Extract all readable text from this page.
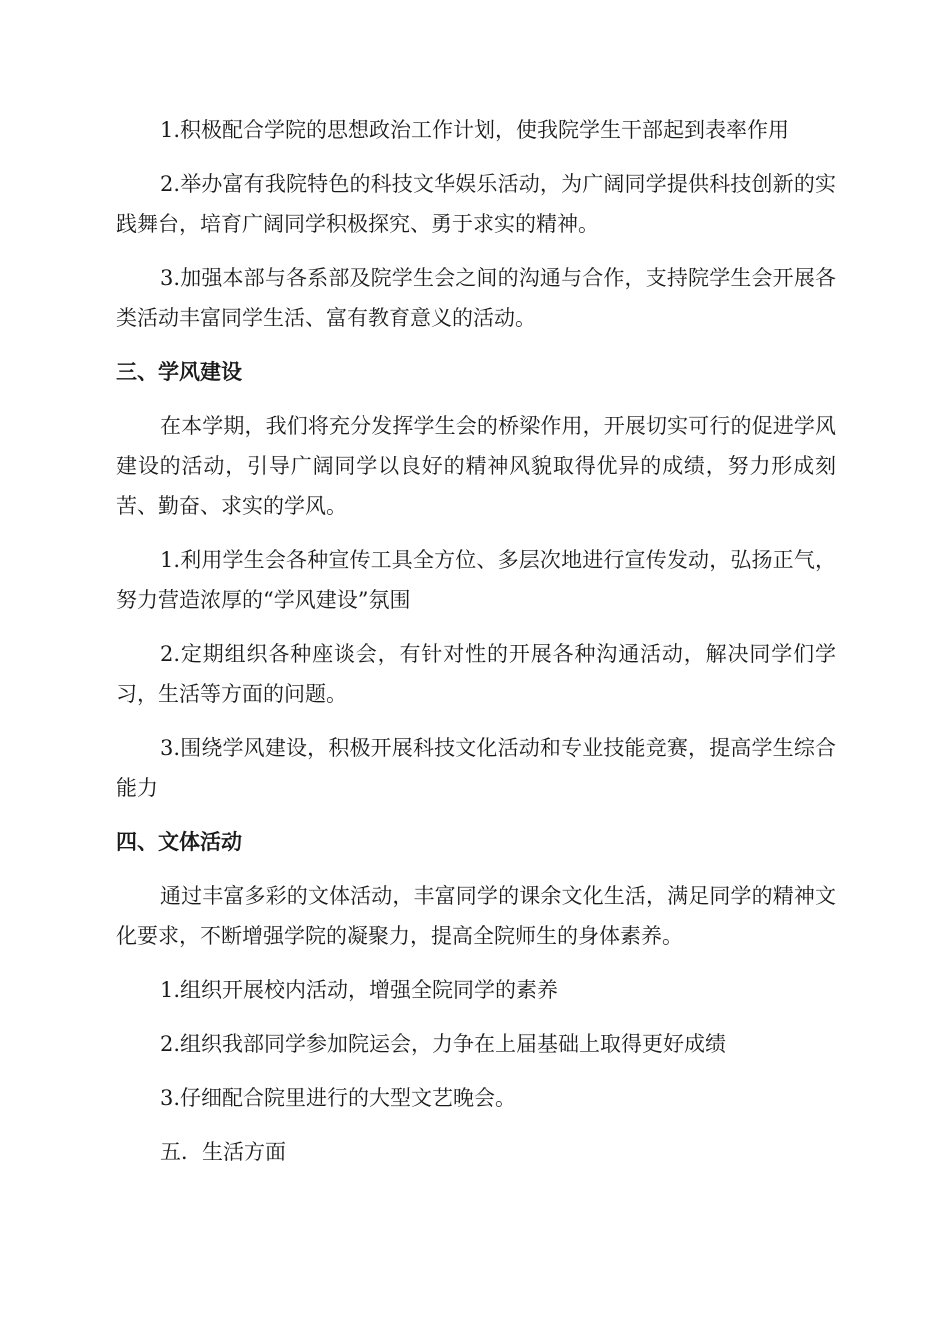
1.积极配合学院的思想政治工作计划，使我院学生干部起到表率作用

2.举办富有我院特色的科技文华娱乐活动，为广阔同学提供科技创新的实践舞台，培育广阔同学积极探究、勇于求实的精神。

3.加强本部与各系部及院学生会之间的沟通与合作，支持院学生会开展各类活动丰富同学生活、富有教育意义的活动。

三、学风建设

在本学期，我们将充分发挥学生会的桥梁作用，开展切实可行的促进学风建设的活动，引导广阔同学以良好的精神风貌取得优异的成绩，努力形成刻苦、勤奋、求实的学风。

1.利用学生会各种宣传工具全方位、多层次地进行宣传发动，弘扬正气，努力营造浓厚的“学风建设”氛围

2.定期组织各种座谈会，有针对性的开展各种沟通活动，解决同学们学习，生活等方面的问题。

3.围绕学风建设，积极开展科技文化活动和专业技能竞赛，提高学生综合能力

四、文体活动

通过丰富多彩的文体活动，丰富同学的课余文化生活，满足同学的精神文化要求，不断增强学院的凝聚力，提高全院师生的身体素养。

1.组织开展校内活动，增强全院同学的素养

2.组织我部同学参加院运会，力争在上届基础上取得更好成绩

3.仔细配合院里进行的大型文艺晚会。

五．生活方面
